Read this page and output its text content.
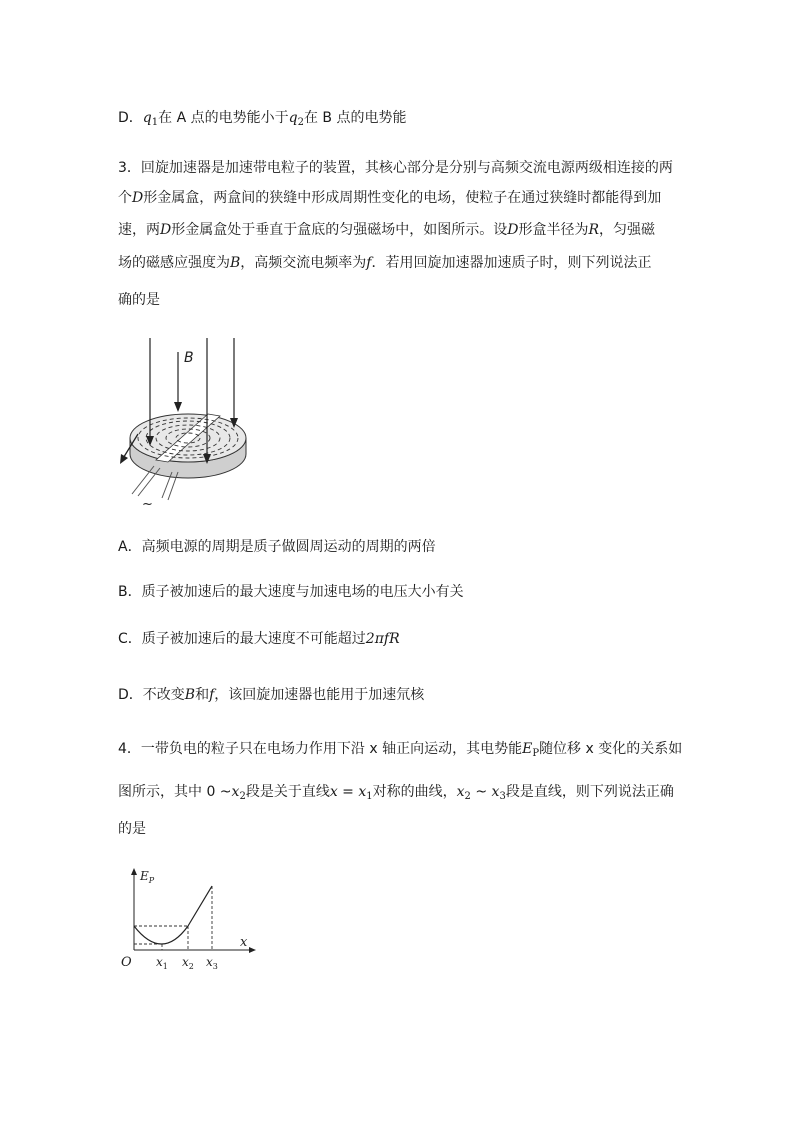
D．$q_1$在 A 点的电势能小于$q_2$在 B 点的电势能
3．回旋加速器是加速带电粒子的装置，其核心部分是分别与高频交流电源两级相连接的两
个D形金属盒，两盒间的狭缝中形成周期性变化的电场，使粒子在通过狭缝时都能得到加
速，两D形金属盒处于垂直于盒底的匀强磁场中，如图所示。设D形盒半径为R，匀强磁
场的磁感应强度为B，高频交流电频率为f．若用回旋加速器加速质子时，则下列说法正
确的是
B
~
A．高频电源的周期是质子做圆周运动的周期的两倍
B．质子被加速后的最大速度与加速电场的电压大小有关
C．质子被加速后的最大速度不可能超过2πfR
D．不改变B和f，该回旋加速器也能用于加速氘核
4．一带负电的粒子只在电场力作用下沿 x 轴正向运动，其电势能$E_P$随位移 x 变化的关系如
图所示，其中 0 $\sim x_2$段是关于直线$x = x_1$对称的曲线，$x_2$ ~ $x_3$段是直线，则下列说法正确
的是
$E_P$
x
O $x_1$ $x_2$ $x_3$
